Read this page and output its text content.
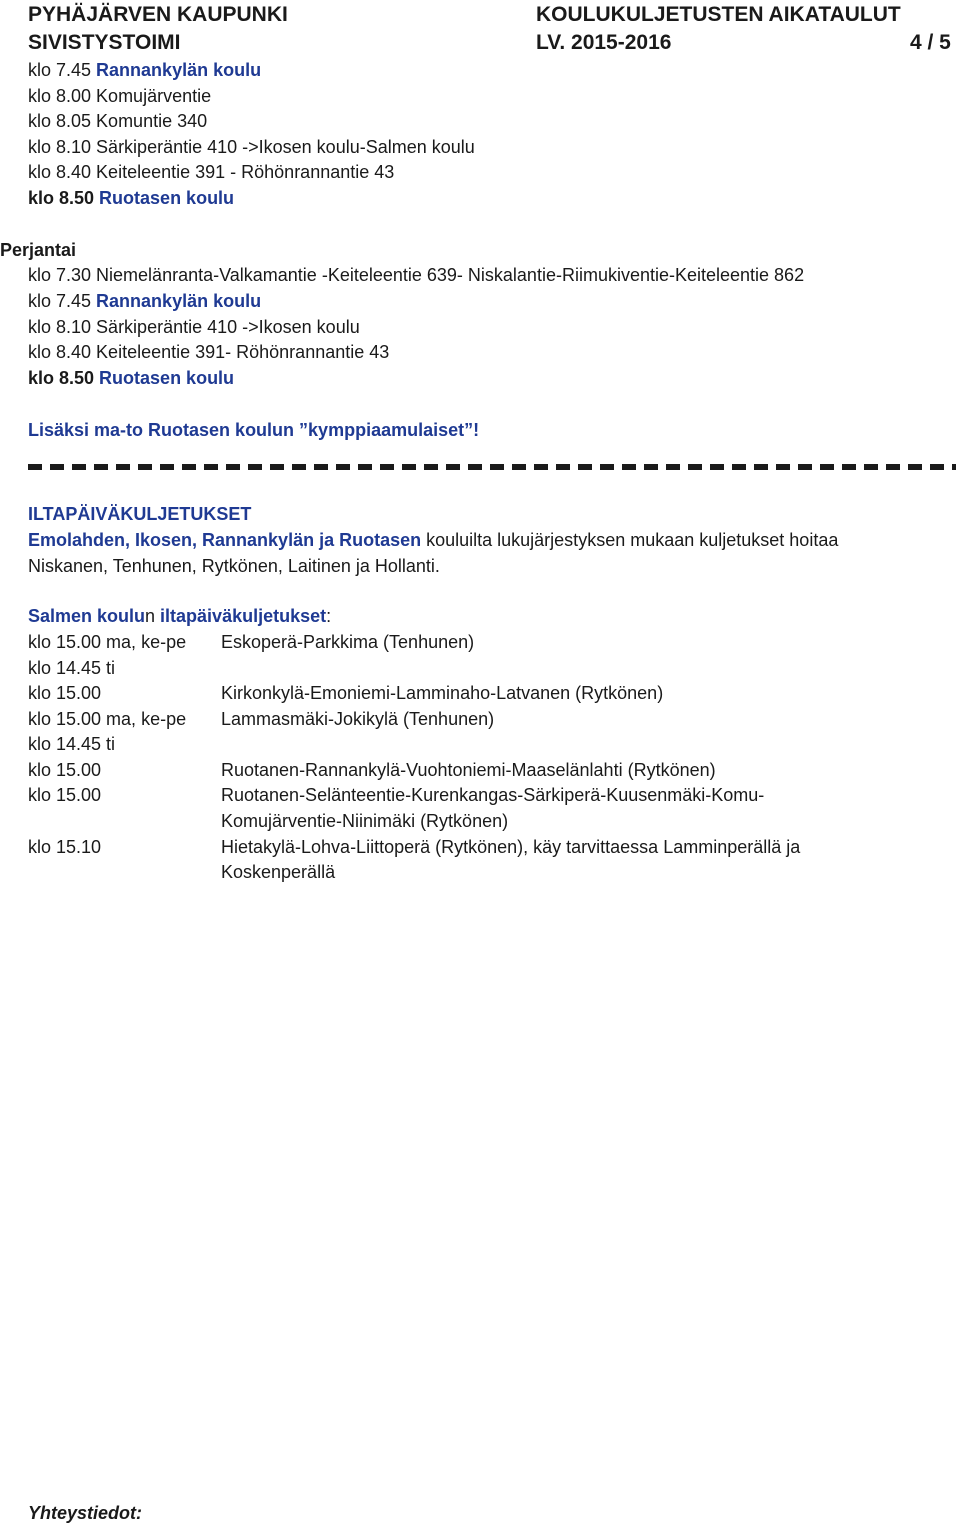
PYHÄJÄRVEN KAUPUNKI
SIVISTYSTOIMI
KOULUKULJETUSTEN AIKATAULUT
LV. 2015-2016	4 / 5
klo 7.45 Rannankylän koulu
klo 8.00 Komujärventie
klo 8.05 Komuntie 340
klo 8.10 Särkiperäntie 410 ->Ikosen koulu-Salmen koulu
klo 8.40 Keiteleentie 391 - Röhönrannantie 43
klo 8.50 Ruotasen koulu
Perjantai
klo 7.30 Niemelänranta-Valkamantie -Keiteleentie 639- Niskalantie-Riimukiventie-Keiteleentie 862
klo 7.45 Rannankylän koulu
klo 8.10 Särkiperäntie 410 ->Ikosen koulu
klo 8.40 Keiteleentie 391- Röhönrannantie 43
klo 8.50 Ruotasen koulu
Lisäksi ma-to Ruotasen koulun ”kymppiaamulaiset”!
ILTAPÄIVÄKULJETUKSET
Emolahden, Ikosen, Rannankylän ja Ruotasen kouluilta lukujärjestyksen mukaan kuljetukset hoitaa
Niskanen, Tenhunen, Rytkönen, Laitinen ja Hollanti.
Salmen koulun iltapäiväkuljetukset:
klo 15.00 ma, ke-pe Eskoperä-Parkkima (Tenhunen)
klo 14.45 ti
klo 15.00	Kirkonkylä-Emoniemi-Lamminaho-Latvanen (Rytkönen)
klo 15.00 ma, ke-pe Lammasmäki-Jokikylä (Tenhunen)
klo 14.45 ti
klo 15.00	Ruotanen-Rannankylä-Vuohtoniemi-Maaselänlahti (Rytkönen)
klo 15.00	Ruotanen-Selänteentie-Kurenkangas-Särkiperä-Kuusenmäki-Komu-
Komujärventie-Niinimäki (Rytkönen)
klo 15.10	Hietakylä-Lohva-Liittoperä (Rytkönen), käy tarvittaessa Lamminperällä ja
Koskenperällä
Yhteystiedot:
